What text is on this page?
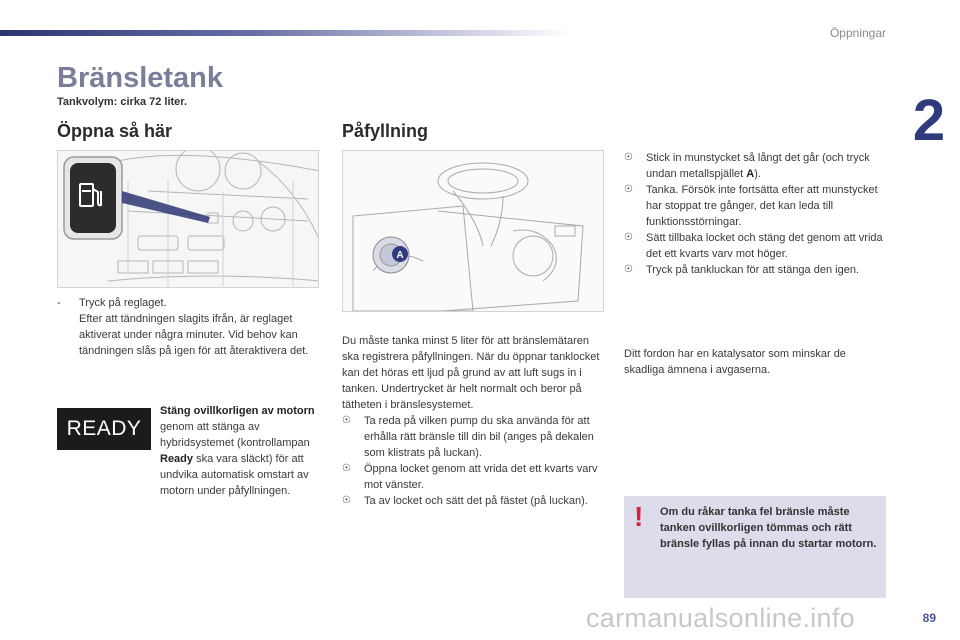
Öppningar
2
Bränsletank
Tankvolym: cirka 72 liter.
Öppna så här	Påfyllning
A
- Tryck på reglaget.
Efter att tändningen slagits ifrån, är reglaget aktiverat under några minuter. Vid behov kan tändningen slås på igen för att återaktivera det.
READY
Stäng ovillkorligen av motorn genom att stänga av hybridsystemet (kontrollampan Ready ska vara släckt) för att undvika automatisk omstart av motorn under påfyllningen.
Du måste tanka minst 5 liter för att bränslemätaren ska registrera påfyllningen. När du öppnar tanklocket kan det höras ett ljud på grund av att luft sugs in i tanken. Undertrycket är helt normalt och beror på tätheten i bränslesystemet.
☉ Ta reda på vilken pump du ska använda för att erhålla rätt bränsle till din bil (anges på dekalen som klistrats på luckan).
☉ Öppna locket genom att vrida det ett kvarts varv mot vänster.
☉ Ta av locket och sätt det på fästet (på luckan).
☉ Stick in munstycket så långt det går (och tryck undan metallspjället A).
☉ Tanka. Försök inte fortsätta efter att munstycket har stoppat tre gånger, det kan leda till funktionsstörningar.
☉ Sätt tillbaka locket och stäng det genom att vrida det ett kvarts varv mot höger.
☉ Tryck på tankluckan för att stänga den igen.
Ditt fordon har en katalysator som minskar de skadliga ämnena i avgaserna.
! Om du råkar tanka fel bränsle måste tanken ovillkorligen tömmas och rätt bränsle fyllas på innan du startar motorn.
89
carmanualsonline.info
